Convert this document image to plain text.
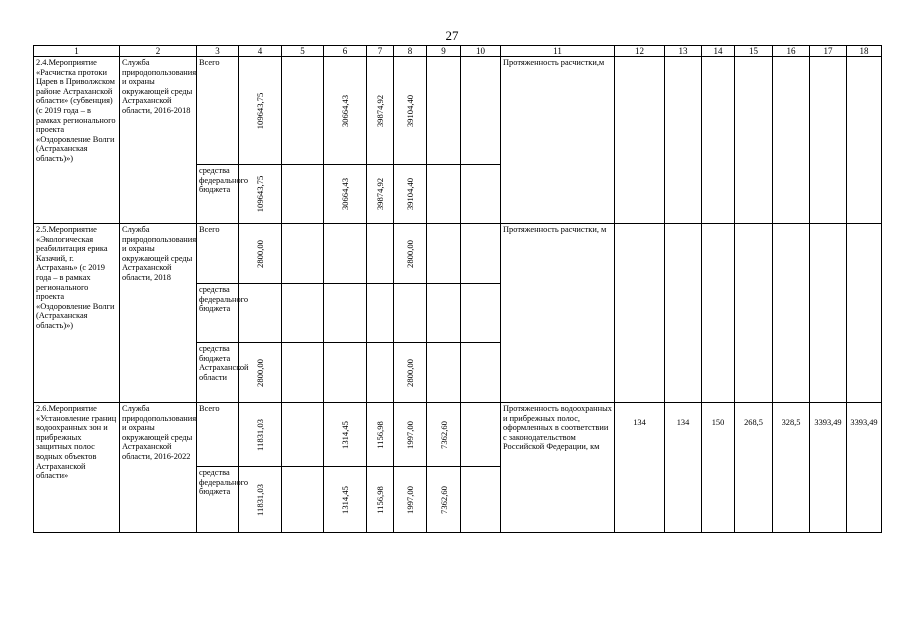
27
1	2	3	4	5	6	7	8	9	10	11	12	13	14	15	16	17	18
2.4.Мероприятие «Расчистка протоки Царев в Приволжском районе Астраханской области» (субвенция) (с 2019 года – в рамках регионального проекта «Оздоровление Волги (Астраханская область)»)	Служба природопользования и охраны окружающей среды Астраханской области, 2016-2018	Всего	109643,75		30664,43	39874,92	39104,40			Протяженность расчистки,м							
		средства федерального бюджета	109643,75		30664,43	39874,92	39104,40										

2.5.Мероприятие «Экологическая реабилитация ерика Казачий, г. Астрахань» (с 2019 года – в рамках регионального проекта «Оздоровление Волги (Астраханская область)»)	Служба природопользования и охраны окружающей среды Астраханской области, 2018	Всего	2800,00				2800,00			Протяженность расчистки, м							
		средства федерального бюджета									

		средства бюджета Астраханской области	2800,00				2800,00										

2.6.Мероприятие «Установление границ водоохранных зон и прибрежных защитных полос водных объектов Астраханской области»	Служба природопользования и охраны окружающей среды Астраханской области, 2016-2022	Всего	11831,03		1314,45	1156,98	1997,00	7362,60		Протяженность водоохранных и прибрежных полос, оформленных в соответствии с законодательством Российской Федерации, км	134	134	150	268,5	328,5	3393,49	3393,49
		средства федерального бюджета	11831,03		1314,45	1156,98	1997,00	7362,60									
